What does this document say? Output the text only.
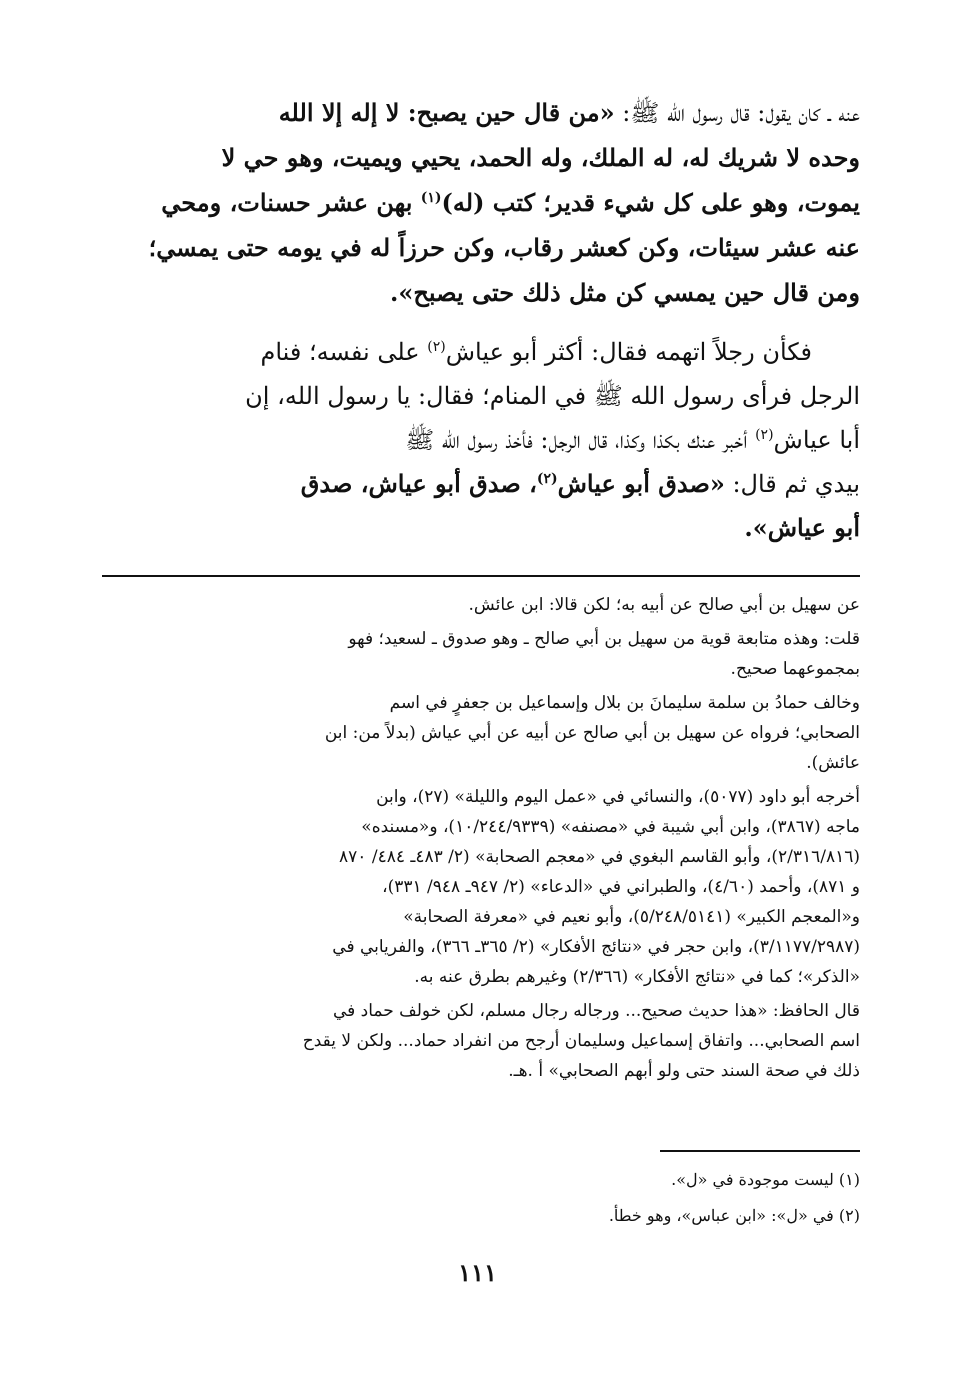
عنه ـ كان يقول: قال رسول الله ﷺ: «من قال حين يصبح: لا إله إلا الله
وحده لا شريك له، له الملك، وله الحمد، يحيي ويميت، وهو حي لا
يموت، وهو على كل شيء قدير؛ كتب (له)$^{(١)}$ بهن عشر حسنات، ومحي
عنه عشر سيئات، وكن كعشر رقاب، وكن حرزاً له في يومه حتى يمسي؛
ومن قال حين يمسي كن مثل ذلك حتى يصبح».
  فكأن رجلاً اتهمه فقال: أكثر أبو عياش$^{(٢)}$ على نفسه؛ فنام
الرجل فرأى رسول الله ﷺ في المنام؛ فقال: يا رسول الله، إن
أبا عياش$^{(٢)}$ أخبر عنك بكذا وكذا، قال الرجل: فأخذ رسول الله ﷺ
بيدي ثم قال: «صدق أبو عياش$^{(٢)}$، صدق أبو عياش، صدق
أبو عياش».
عن سهيل بن أبي صالح عن أبيه به؛ لكن قالا: ابن عائش.
قلت: وهذه متابعة قوية من سهيل بن أبي صالح ـ وهو صدوق ـ لسعيد؛ فهو
بمجموعهما صحيح.
وخالف حمادُ بن سلمة سليمانَ بن بلال وإسماعيل بن جعفرٍ في اسم
الصحابي؛ فرواه عن سهيل بن أبي صالح عن أبيه عن أبي عياش (بدلاً من: ابن
عائش).
أخرجه أبو داود (٥٠٧٧)، والنسائي في «عمل اليوم والليلة» (٢٧)، وابن
ماجه (٣٨٦٧)، وابن أبي شيبة في «مصنفه» (١٠/٢٤٤/٩٣٣٩)، و«مسنده»
(٢/٣١٦/٨١٦)، وأبو القاسم البغوي في «معجم الصحابة» (٢/ ٤٨٣ـ ٤٨٤/ ٨٧٠
و ٨٧١)، وأحمد (٤/٦٠)، والطبراني في «الدعاء» (٢/ ٩٤٧ـ ٩٤٨/ ٣٣١)،
و«المعجم الكبير» (٥/٢٤٨/٥١٤١)، وأبو نعيم في «معرفة الصحابة»
(٣/١١٧٧/٢٩٨٧)، وابن حجر في «نتائج الأفكار» (٢/ ٣٦٥ـ ٣٦٦)، والفريابي في
«الذكر»؛ كما في «نتائج الأفكار» (٢/٣٦٦) وغيرهم بطرق عنه به.
قال الحافظ: «هذا حديث صحيح... ورجاله رجال مسلم، لكن خولف حماد في
اسم الصحابي... واتفاق إسماعيل وسليمان أرجح من انفراد حماد... ولكن لا يقدح
ذلك في صحة السند حتى ولو أبهم الصحابي» أ .هـ.
(١) ليست موجودة في «ل».
(٢) في «ل»: «ابن عباس»، وهو خطأ.
١١١
